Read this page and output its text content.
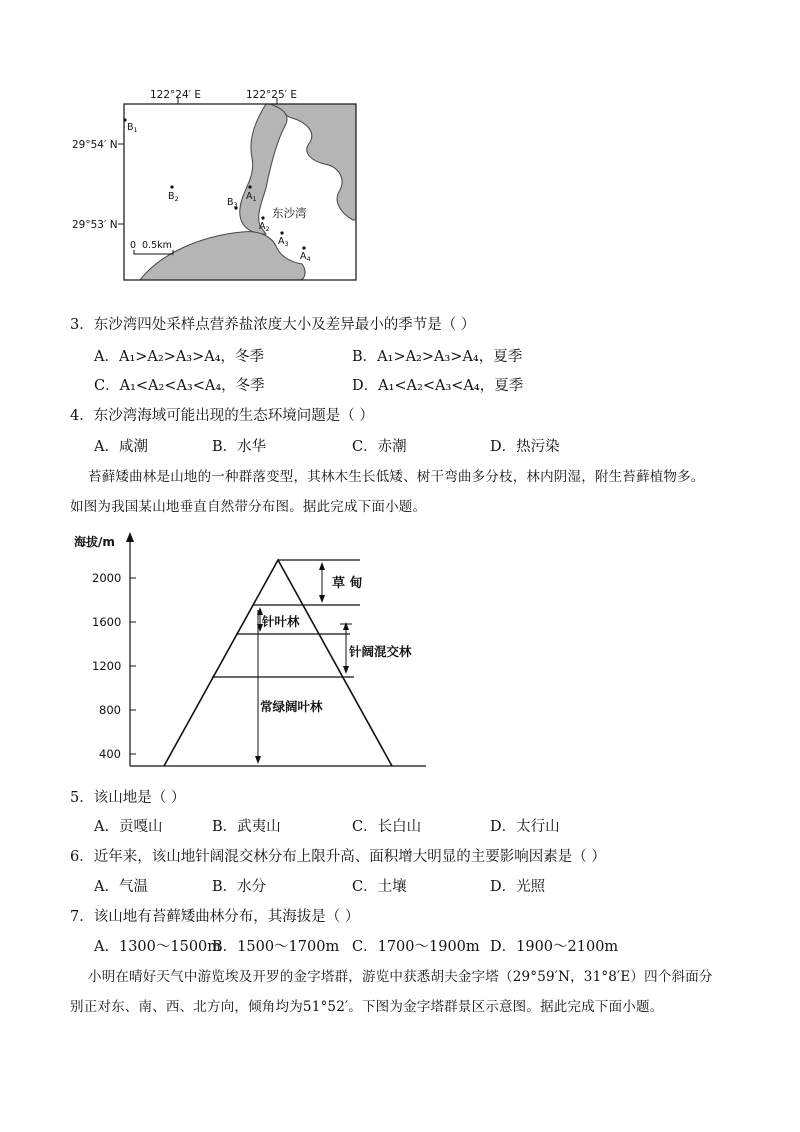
122°24′ E	122°25′ E
29°54′ N
29°53′ N
$B_1$
$B_2$	$B_3$
$A_1$
$A_2$
$A_3$
$A_4$
东沙湾
0 0.5km
3．东沙湾四处采样点营养盐浓度大小及差异最小的季节是（ ）
A．A₁>A₂>A₃>A₄，冬季	B．A₁>A₂>A₃>A₄，夏季
C．A₁<A₂<A₃<A₄，冬季	D．A₁<A₂<A₃<A₄，夏季
4．东沙湾海域可能出现的生态环境问题是（ ）
A．咸潮	B．水华	C．赤潮	D．热污染
苔藓矮曲林是山地的一种群落变型，其林木生长低矮、树干弯曲多分枝，林内阴湿，附生苔藓植物多。
如图为我国某山地垂直自然带分布图。据此完成下面小题。
海拔/m
2000
1600
1200
800
400
草 甸
针叶林
针阔混交林
常绿阔叶林
5．该山地是（ ）
A．贡嘎山	B．武夷山	C．长白山	D．太行山
6．近年来，该山地针阔混交林分布上限升高、面积增大明显的主要影响因素是（ ）
A．气温	B．水分	C．土壤	D．光照
7．该山地有苔藓矮曲林分布，其海拔是（ ）
A．1300～1500m
B．1500～1700m C．1700～1900m D．1900～2100m
小明在晴好天气中游览埃及开罗的金字塔群，游览中获悉胡夫金字塔（29°59′N，31°8′E）四个斜面分
别正对东、南、西、北方向，倾角均为51°52′。下图为金字塔群景区示意图。据此完成下面小题。
